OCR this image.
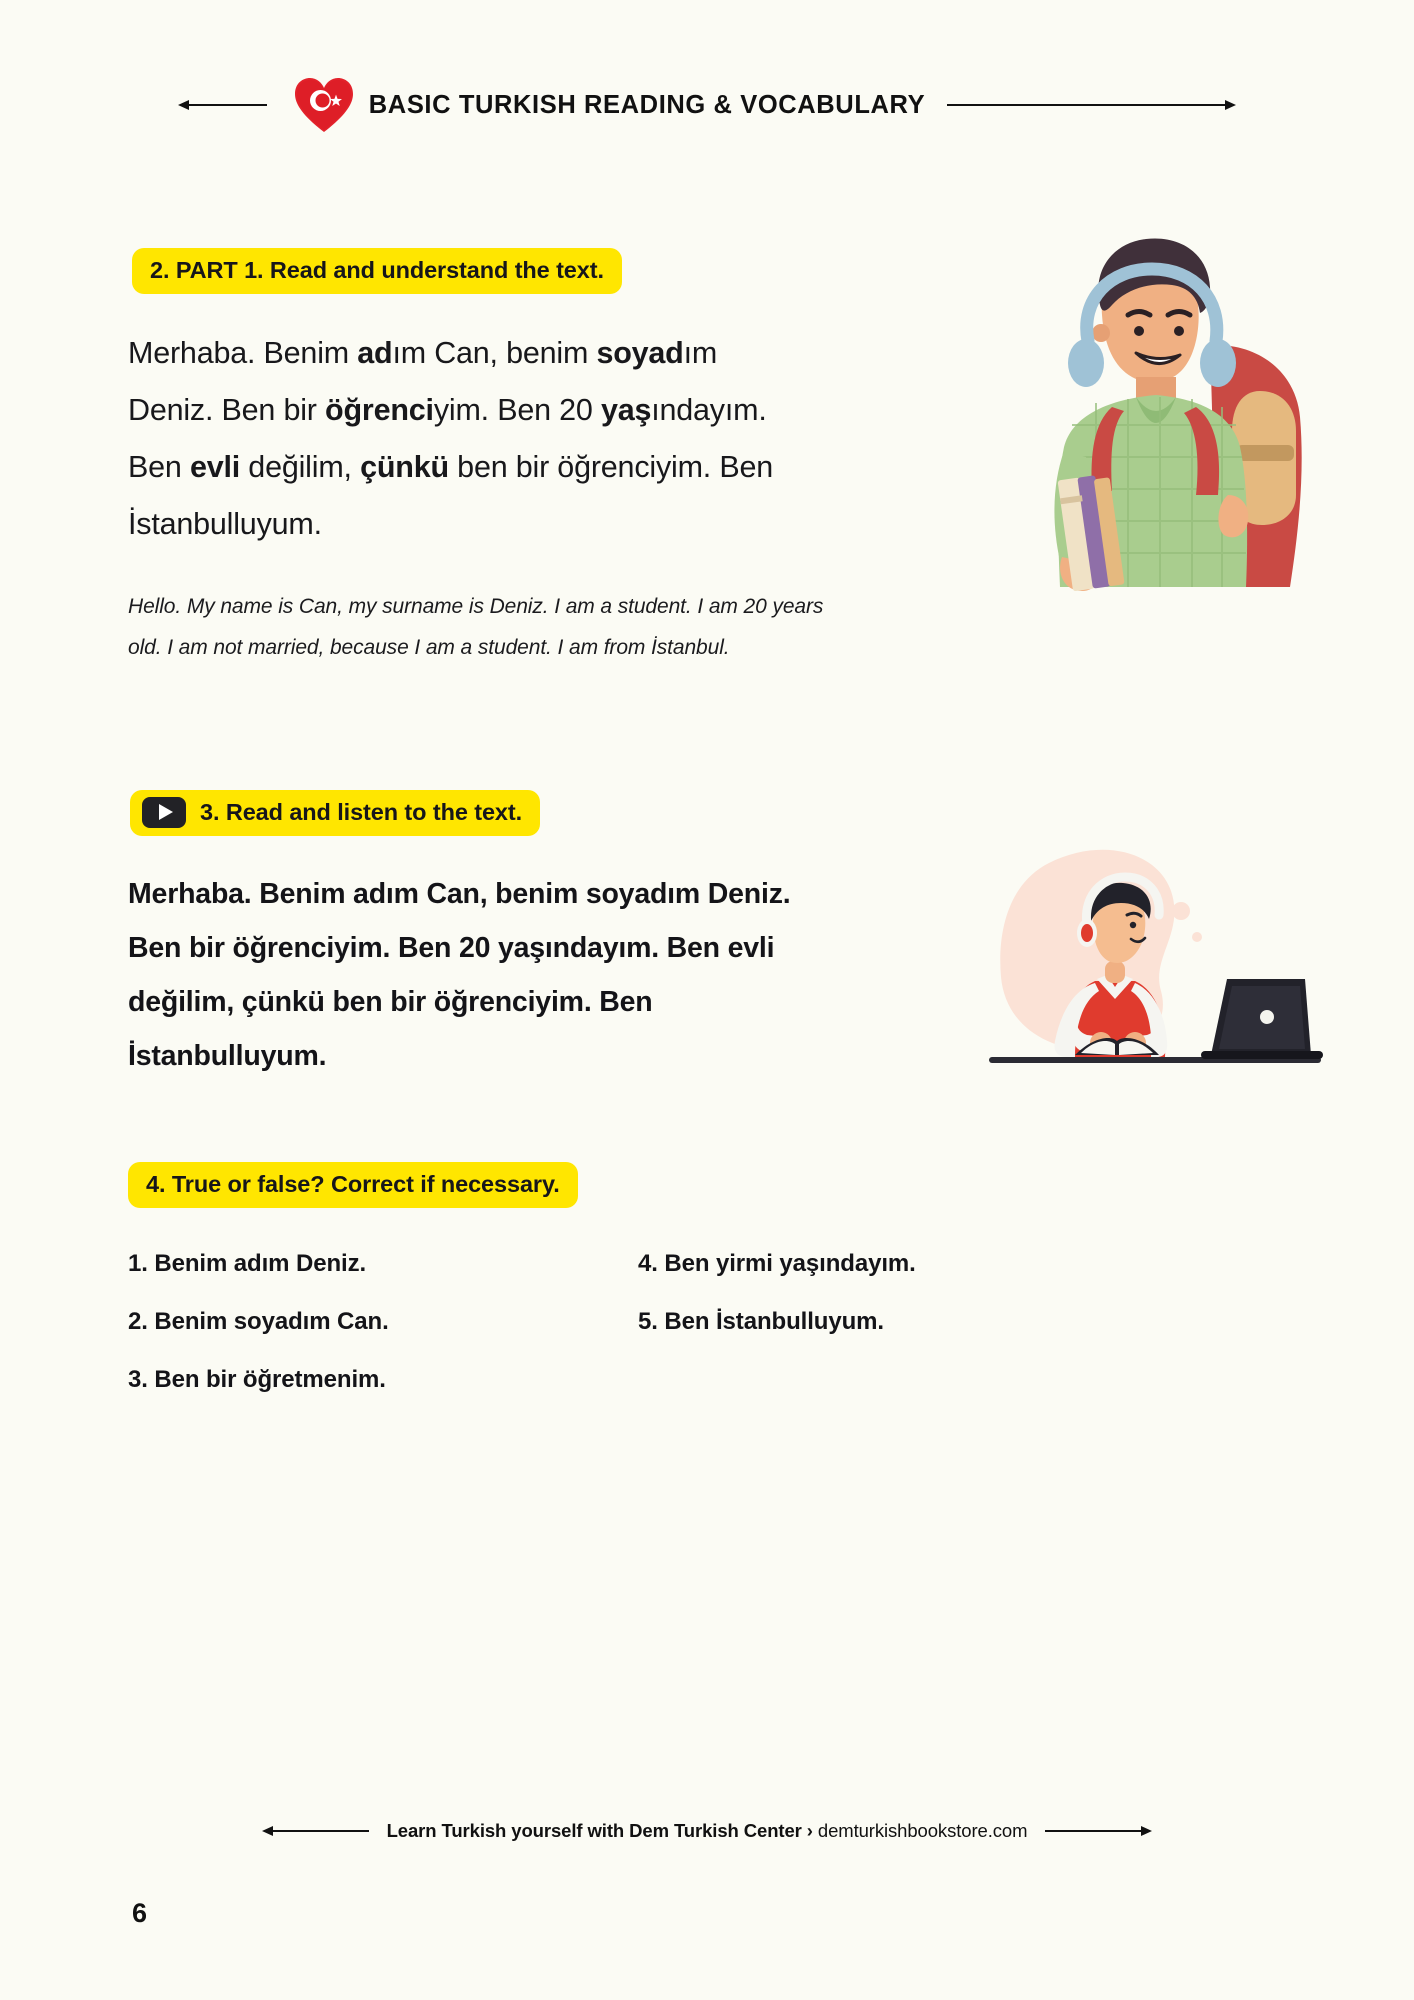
BASIC TURKISH READING & VOCABULARY
2. PART 1. Read and understand the text.
Merhaba. Benim adım Can, benim soyadım Deniz. Ben bir öğrenciyim. Ben 20 yaşındayım. Ben evli değilim, çünkü ben bir öğrenciyim. Ben İstanbulluyum.
Hello. My name is Can, my surname is Deniz. I am a student. I am 20 years old. I am not married, because I am a student. I am from İstanbul.
3. Read and listen to the text.
Merhaba. Benim adım Can, benim soyadım Deniz. Ben bir öğrenciyim. Ben 20 yaşındayım. Ben evli değilim, çünkü ben bir öğrenciyim. Ben İstanbulluyum.
4. True or false? Correct if necessary.
1. Benim adım Deniz.
2. Benim soyadım Can.
3. Ben bir öğretmenim.
4. Ben yirmi yaşındayım.
5. Ben İstanbulluyum.
Learn Turkish yourself with Dem Turkish Center › demturkishbookstore.com
6
